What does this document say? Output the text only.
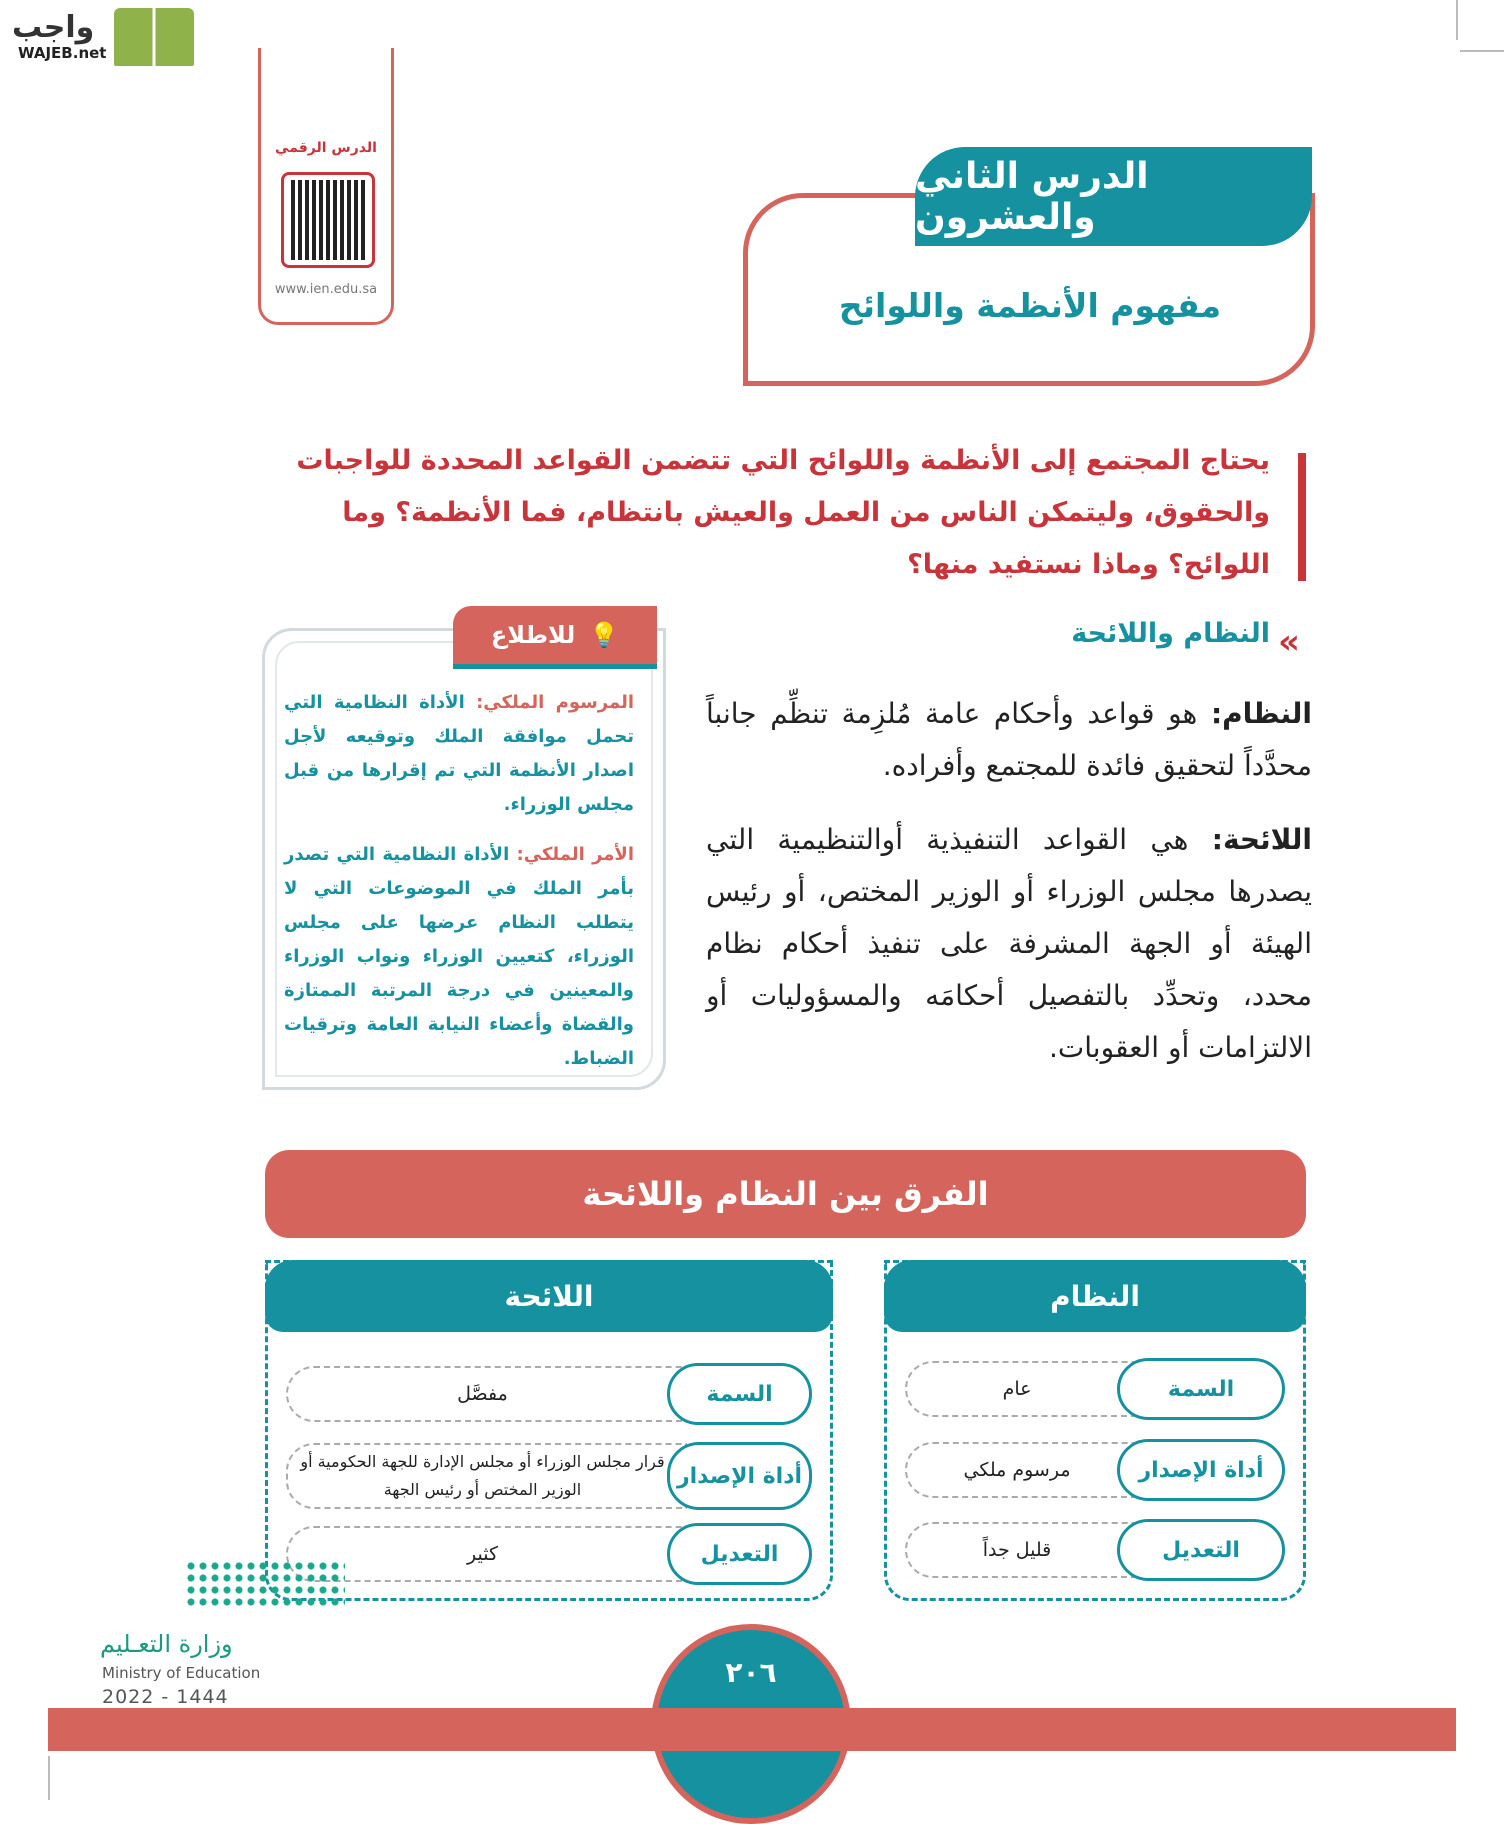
واجب
WAJEB.net
الدرس الرقمي
www.ien.edu.sa
الدرس الثاني والعشرون
مفهوم الأنظمة واللوائح
يحتاج المجتمع إلى الأنظمة واللوائح التي تتضمن القواعد المحددة للواجبات والحقوق، وليتمكن الناس من العمل والعيش بانتظام، فما الأنظمة؟ وما اللوائح؟ وماذا نستفيد منها؟
«
النظام واللائحة

النظام: هو قواعد وأحكام عامة مُلزِمة تنظِّم جانباً محدَّداً لتحقيق فائدة للمجتمع وأفراده.

اللائحة: هي القواعد التنفيذية أوالتنظيمية التي يصدرها مجلس الوزراء أو الوزير المختص، أو رئيس الهيئة أو الجهة المشرفة على تنفيذ أحكام نظام محدد، وتحدِّد بالتفصيل أحكامَه والمسؤوليات أو الالتزامات أو العقوبات.

💡
للاطلاع

المرسوم الملكي: الأداة النظامية التي تحمل موافقة الملك وتوقيعه لأجل اصدار الأنظمة التي تم إقرارها من قبل مجلس الوزراء.

الأمر الملكي: الأداة النظامية التي تصدر بأمر الملك في الموضوعات التي لا يتطلب النظام عرضها على مجلس الوزراء، كتعيين الوزراء ونواب الوزراء والمعينين في درجة المرتبة الممتازة والقضاة وأعضاء النيابة العامة وترقيات الضباط.

الفرق بين النظام واللائحة
النظام
السمة
عام
أداة الإصدار
مرسوم ملكي
التعديل
قليل جداً
اللائحة
السمة
مفصَّل
أداة الإصدار
قرار مجلس الوزراء أو مجلس الإدارة للجهة الحكومية أو الوزير المختص أو رئيس الجهة
التعديل
كثير
وزارة التعـليم
Ministry of Education
2022 - 1444
٢٠٦
